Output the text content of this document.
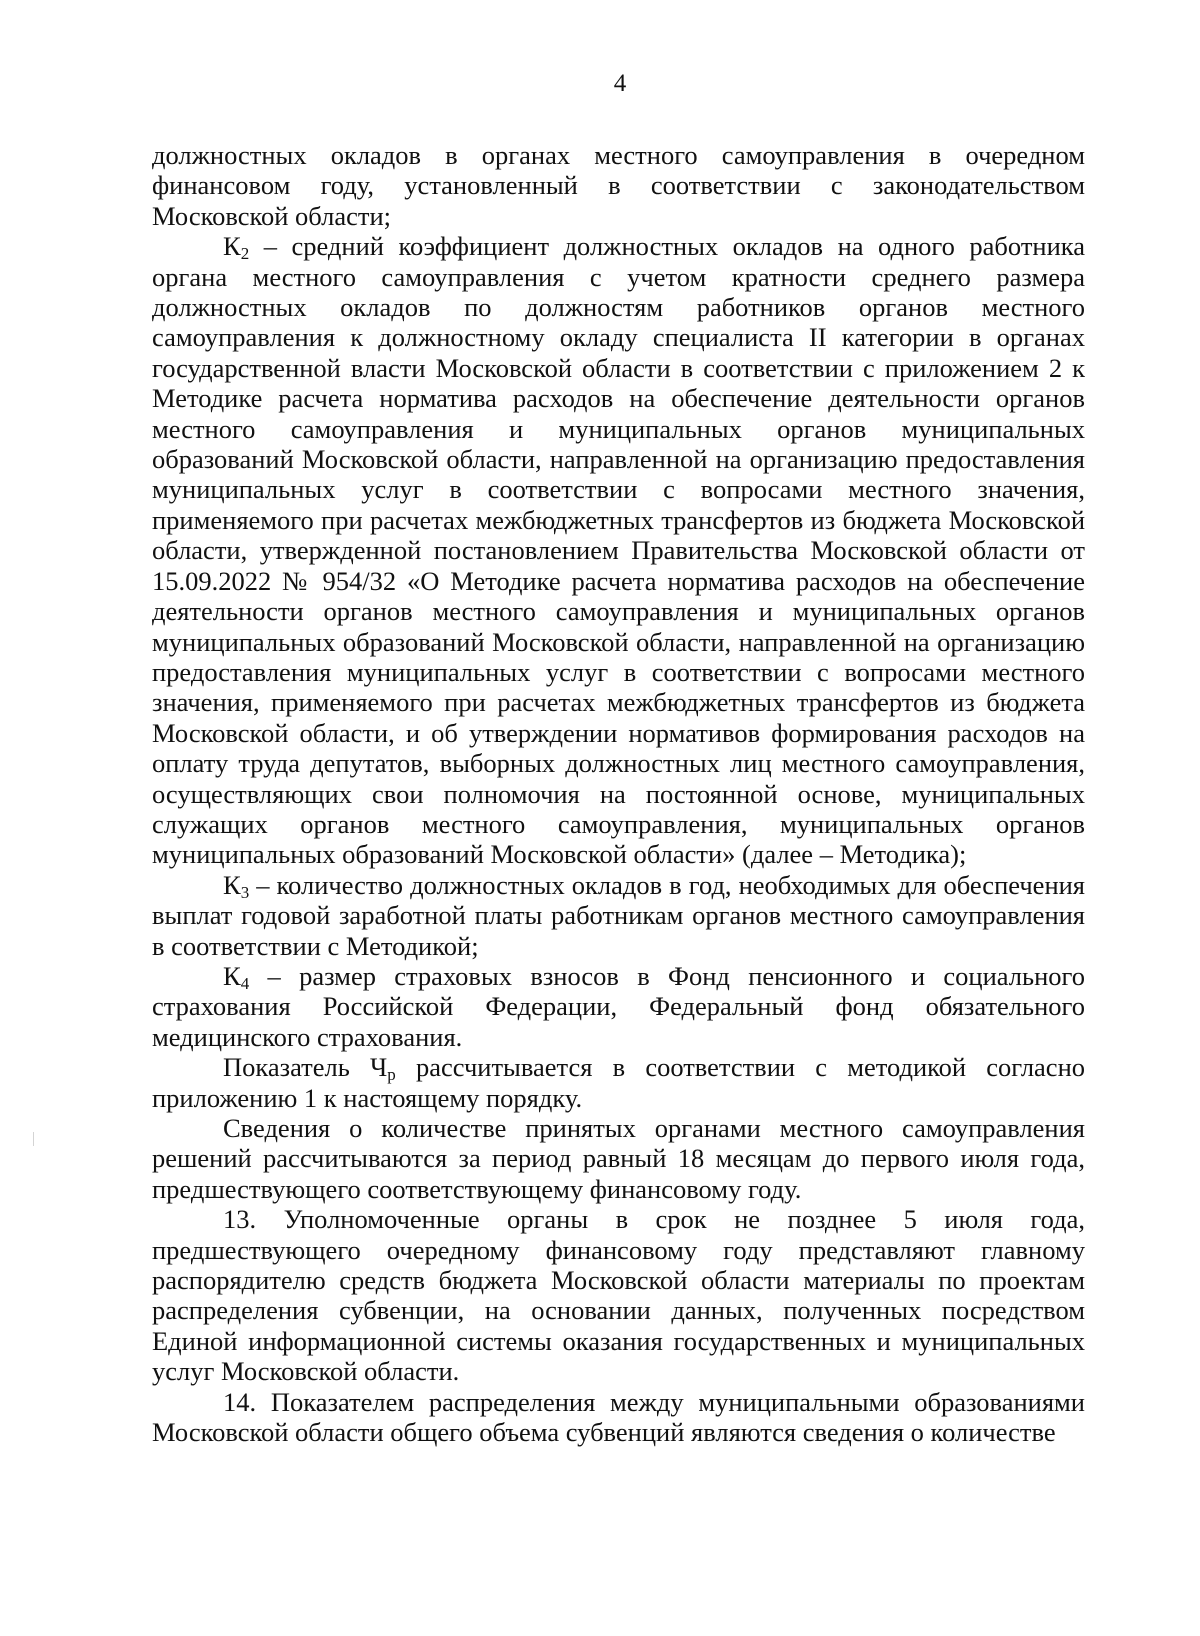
4

должностных окладов в органах местного самоуправления в очередном финансовом году, установленный в соответствии с законодательством Московской области;

$К_2$ – средний коэффициент должностных окладов на одного работника органа местного самоуправления с учетом кратности среднего размера должностных окладов по должностям работников органов местного самоуправления к должностному окладу специалиста II категории в органах государственной власти Московской области в соответствии с приложением 2 к Методике расчета норматива расходов на обеспечение деятельности органов местного самоуправления и муниципальных органов муниципальных образований Московской области, направленной на организацию предоставления муниципальных услуг в соответствии с вопросами местного значения, применяемого при расчетах межбюджетных трансфертов из бюджета Московской области, утвержденной постановлением Правительства Московской области от 15.09.2022 № 954/32 «О Методике расчета норматива расходов на обеспечение деятельности органов местного самоуправления и муниципальных органов муниципальных образований Московской области, направленной на организацию предоставления муниципальных услуг в соответствии с вопросами местного значения, применяемого при расчетах межбюджетных трансфертов из бюджета Московской области, и об утверждении нормативов формирования расходов на оплату труда депутатов, выборных должностных лиц местного самоуправления, осуществляющих свои полномочия на постоянной основе, муниципальных служащих органов местного самоуправления, муниципальных органов муниципальных образований Московской области» (далее – Методика);

$К_3$ – количество должностных окладов в год, необходимых для обеспечения выплат годовой заработной платы работникам органов местного самоуправления в соответствии с Методикой;

$К_4$ – размер страховых взносов в Фонд пенсионного и социального страхования Российской Федерации, Федеральный фонд обязательного медицинского страхования.

Показатель $Ч_р$ рассчитывается в соответствии с методикой согласно приложению 1 к настоящему порядку.

Сведения о количестве принятых органами местного самоуправления решений рассчитываются за период равный 18 месяцам до первого июля года, предшествующего соответствующему финансовому году.

13. Уполномоченные органы в срок не позднее 5 июля года, предшествующего очередному финансовому году представляют главному распорядителю средств бюджета Московской области материалы по проектам распределения субвенции, на основании данных, полученных посредством Единой информационной системы оказания государственных и муниципальных услуг Московской области.

14. Показателем распределения между муниципальными образованиями Московской области общего объема субвенций являются сведения о количестве
